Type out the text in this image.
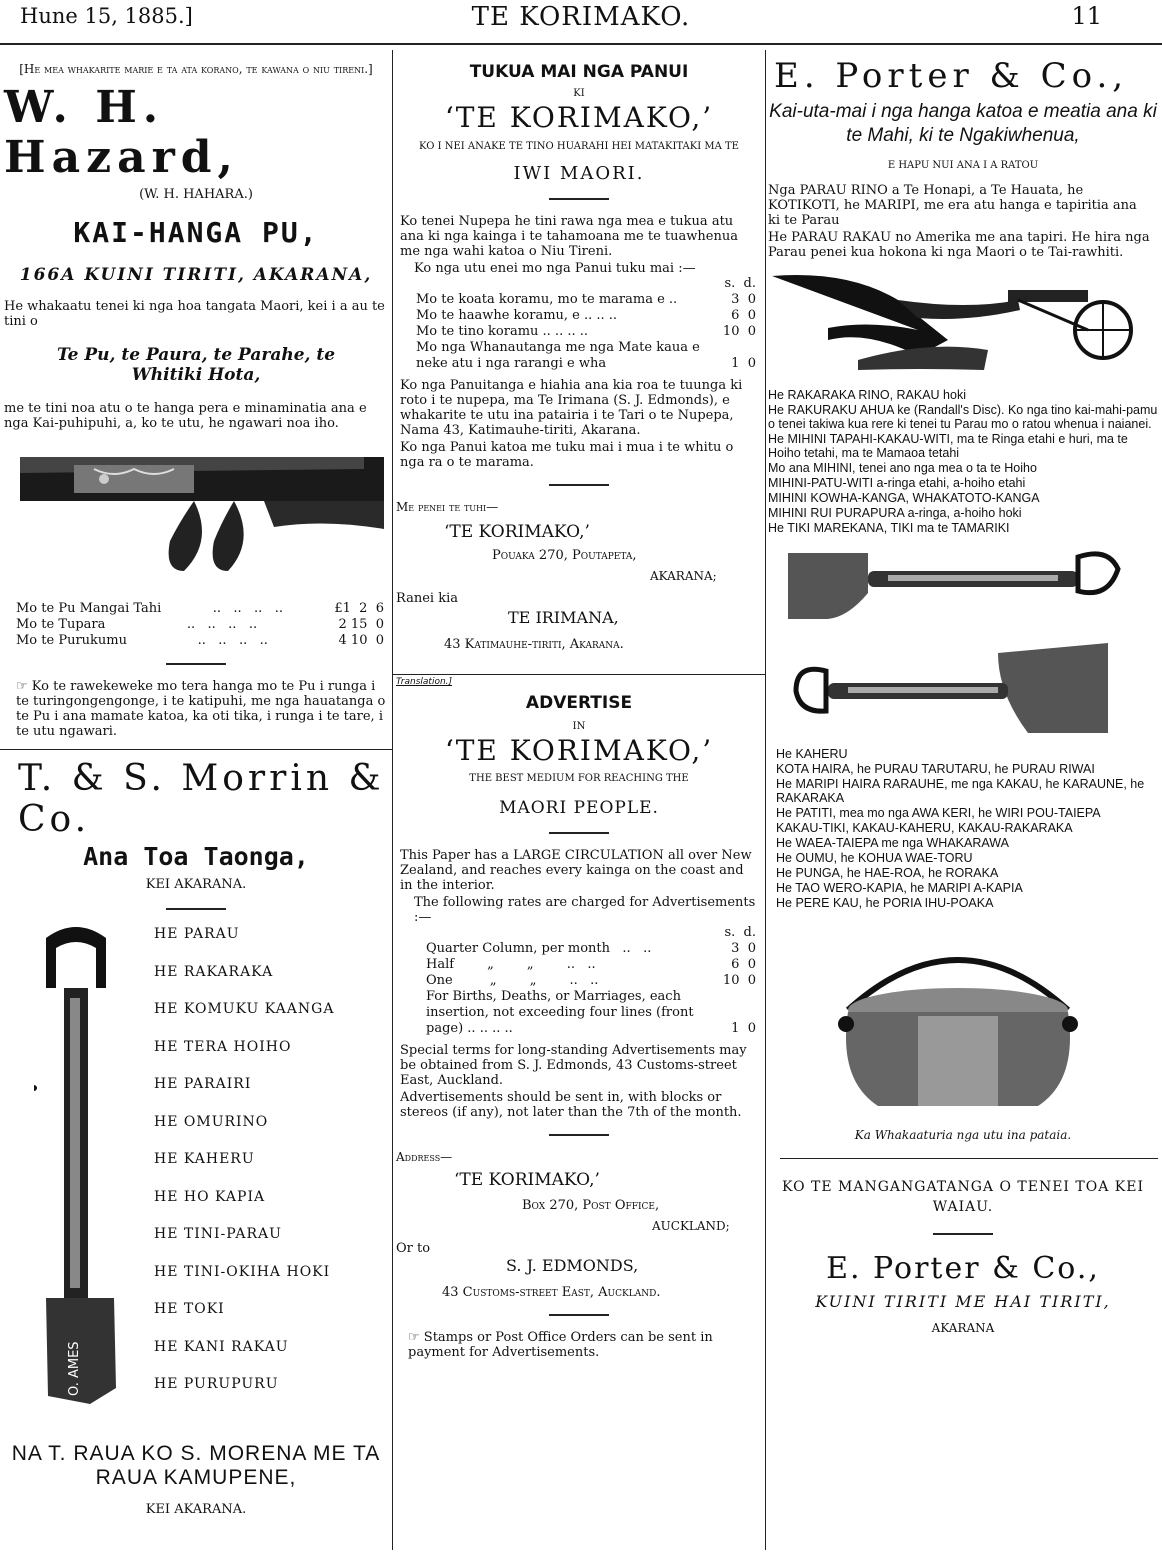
Hune 15, 1885.]	TE KORIMAKO.	11
[He mea whakarite marie e ta ata korano, te kawana o niu tireni.]
W. H. Hazard,
(W. H. HAHARA.)
KAI-HANGA PU,
166A KUINI TIRITI, AKARANA,
He whakaatu tenei ki nga hoa tangata Maori, kei i a au te tini o
Te Pu, te Paura, te Parahe, te Whitiki Hota,
me te tini noa atu o te hanga pera e minaminatia ana e nga Kai-puhipuhi, a, ko te utu, he ngawari noa iho.
Mo te Pu Mangai Tahi	..   ..   ..   ..	£1  2  6
Mo te Tupara	..   ..   ..   ..	2 15  0
Mo te Purukumu	..   ..   ..   ..	4 10  0
☞ Ko te rawekeweke mo tera hanga mo te Pu i runga i te turingongengonge, i te katipuhi, me nga hauatanga o te Pu i ana mamate katoa, ka oti tika, i runga i te tare, i te utu ngawari.
T. & S. Morrin & Co.
Ana Toa Taonga,
KEI AKARANA.
O. AMES
HE PARAU
HE RAKARAKA
HE KOMUKU KAANGA
HE TERA HOIHO
HE PARAIRI
HE OMURINO
HE KAHERU
HE HO KAPIA
HE TINI-PARAU
HE TINI-OKIHA HOKI
HE TOKI
HE KANI RAKAU
HE PURUPURU
NA T. RAUA KO S. MORENA ME TA RAUA KAMUPENE,
KEI AKARANA.
TUKUA MAI NGA PANUI
KI
‘TE KORIMAKO,’
KO I NEI ANAKE TE TINO HUARAHI HEI MATAKITAKI MA TE
IWI MAORI.
Ko tenei Nupepa he tini rawa nga mea e tukua atu ana ki nga kainga i te tahamoana me te tuawhenua me nga wahi katoa o Niu Tireni.
Ko nga utu enei mo nga Panui tuku mai :—
s.  d.
Mo te koata koramu, mo te marama e ..	3  0
Mo te haawhe koramu, e .. .. ..	6  0
Mo te tino koramu .. .. .. ..	10  0
Mo nga Whanautanga me nga Mate kaua e neke atu i nga rarangi e wha	1  0
Ko nga Panuitanga e hiahia ana kia roa te tuunga ki roto i te nupepa, ma Te Irimana (S. J. Edmonds), e whakarite te utu ina patairia i te Tari o te Nupepa, Nama 43, Katimauhe-tiriti, Akarana.
Ko nga Panui katoa me tuku mai i mua i te whitu o nga ra o te marama.
Me penei te tuhi—
‘TE KORIMAKO,’
Pouaka 270, Poutapeta,
AKARANA;
Ranei kia
TE IRIMANA,
43 Katimauhe-tiriti, Akarana.
Translation.]
ADVERTISE
IN
‘TE KORIMAKO,’
THE BEST MEDIUM FOR REACHING THE
MAORI PEOPLE.
This Paper has a LARGE CIRCULATION all over New Zealand, and reaches every kainga on the coast and in the interior.
The following rates are charged for Advertisements :—
s.  d.
Quarter Column, per month   ..   ..	3  0
Half        „        „        ..   ..	6  0
One         „        „        ..   ..	10  0
For Births, Deaths, or Marriages, each insertion, not exceeding four lines (front page) .. .. .. ..	1  0
Special terms for long-standing Advertisements may be obtained from S. J. Edmonds, 43 Customs-street East, Auckland.
Advertisements should be sent in, with blocks or stereos (if any), not later than the 7th of the month.
Address—
‘TE KORIMAKO,’
Box 270, Post Office,
AUCKLAND;
Or to
S. J. EDMONDS,
43 Customs-street East, Auckland.
☞ Stamps or Post Office Orders can be sent in payment for Advertisements.
E. Porter & Co.,
Kai-uta-mai i nga hanga katoa e meatia ana ki te Mahi, ki te Ngakiwhenua,
E HAPU NUI ANA I A RATOU
Nga PARAU RINO a Te Honapi, a Te Hauata, he KOTIKOTI, he MARIPI, me era atu hanga e tapiritia ana ki te Parau
He PARAU RAKAU no Amerika me ana tapiri. He hira nga Parau penei kua hokona ki nga Maori o te Tai-rawhiti.
He RAKARAKA RINO, RAKAU hoki
He RAKURAKU AHUA ke (Randall's Disc). Ko nga tino kai-mahi-pamu o tenei takiwa kua rere ki tenei tu Parau mo o ratou whenua i naianei.
He MIHINI TAPAHI-KAKAU-WITI, ma te Ringa etahi e huri, ma te Hoiho tetahi, ma te Mamaoa tetahi
Mo ana MIHINI, tenei ano nga mea o ta te Hoiho
MIHINI-PATU-WITI a-ringa etahi, a-hoiho etahi
MIHINI KOWHA-KANGA, WHAKATOTO-KANGA
MIHINI RUI PURAPURA a-ringa, a-hoiho hoki
He TIKI MAREKANA, TIKI ma te TAMARIKI
He KAHERU
KOTA HAIRA, he PURAU TARUTARU, he PURAU RIWAI
He MARIPI HAIRA RARAUHE, me nga KAKAU, he KARAUNE, he RAKARAKA
He PATITI, mea mo nga AWA KERI, he WIRI POU-TAIEPA
KAKAU-TIKI, KAKAU-KAHERU, KAKAU-RAKARAKA
He WAEA-TAIEPA me nga WHAKARAWA
He OUMU, he KOHUA WAE-TORU
He PUNGA, he HAE-ROA, he RORAKA
He TAO WERO-KAPIA, he MARIPI A-KAPIA
He PERE KAU, he PORIA IHU-POAKA
Ka Whakaaturia nga utu ina pataia.
KO TE MANGANGATANGA O TENEI TOA KEI WAIAU.
E. Porter & Co.,
KUINI TIRITI ME HAI TIRITI,
AKARANA
